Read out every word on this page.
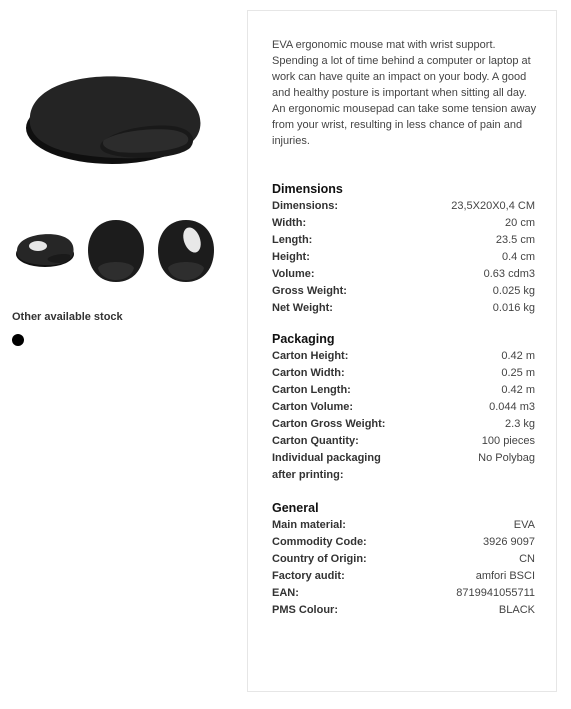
Other available stock

EVA ergonomic mouse mat with wrist support. Spending a lot of time behind a computer or laptop at work can have quite an impact on your body. A good and healthy posture is important when sitting all day. An ergonomic mousepad can take some tension away from your wrist, resulting in less chance of pain and injuries.

Dimensions
Dimensions:	23,5X20X0,4 CM
Width:	20 cm
Length:	23.5 cm
Height:	0.4 cm
Volume:	0.63 cdm3
Gross Weight:	0.025 kg
Net Weight:	0.016 kg
Packaging
Carton Height:	0.42 m
Carton Width:	0.25 m
Carton Length:	0.42 m
Carton Volume:	0.044 m3
Carton Gross Weight:	2.3 kg
Carton Quantity:	100 pieces
Individual packaging after printing:
No Polybag
General
Main material:	EVA
Commodity Code:	3926 9097
Country of Origin:	CN
Factory audit:	amfori BSCI
EAN:	8719941055711
PMS Colour:	BLACK
